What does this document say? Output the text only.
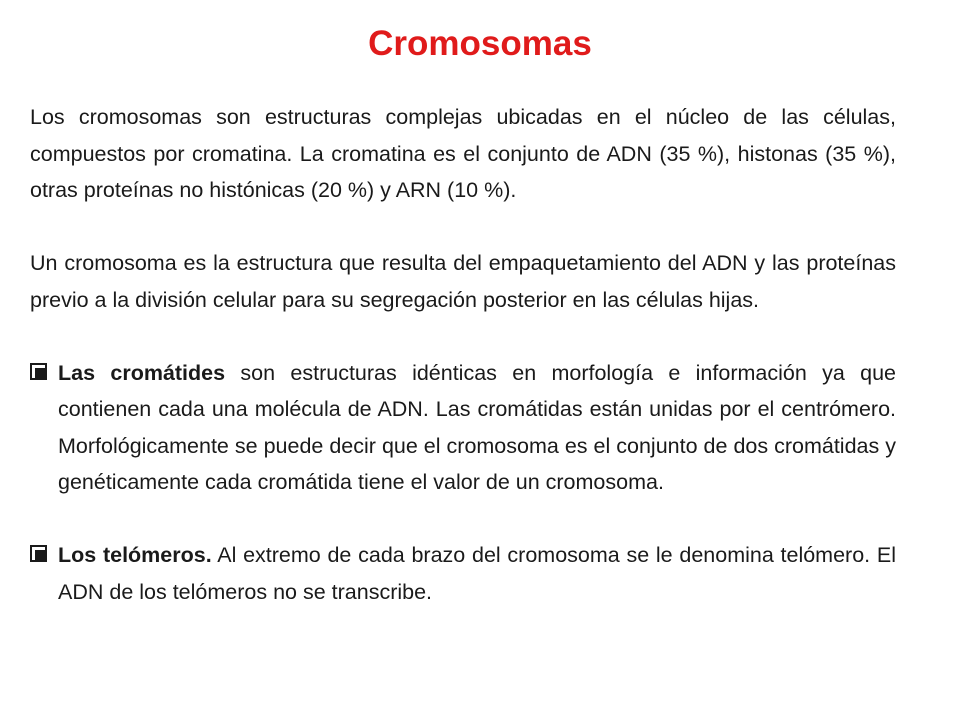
Cromosomas

Los cromosomas son estructuras complejas ubicadas en el núcleo de las células, compuestos por cromatina. La cromatina es el conjunto de ADN (35 %), histonas (35 %), otras proteínas no histónicas (20 %) y ARN (10 %).

Un cromosoma es la estructura que resulta del empaquetamiento del ADN y las proteínas previo a la división celular para su segregación posterior en las células hijas.

Las cromátides son estructuras idénticas en morfología e información ya que contienen cada una molécula de ADN. Las cromátidas están unidas por el centrómero. Morfológicamente se puede decir que el cromosoma es el conjunto de dos cromátidas y genéticamente cada cromátida tiene el valor de un cromosoma.
Los telómeros. Al extremo de cada brazo del cromosoma se le denomina telómero. El ADN de los telómeros no se transcribe.
